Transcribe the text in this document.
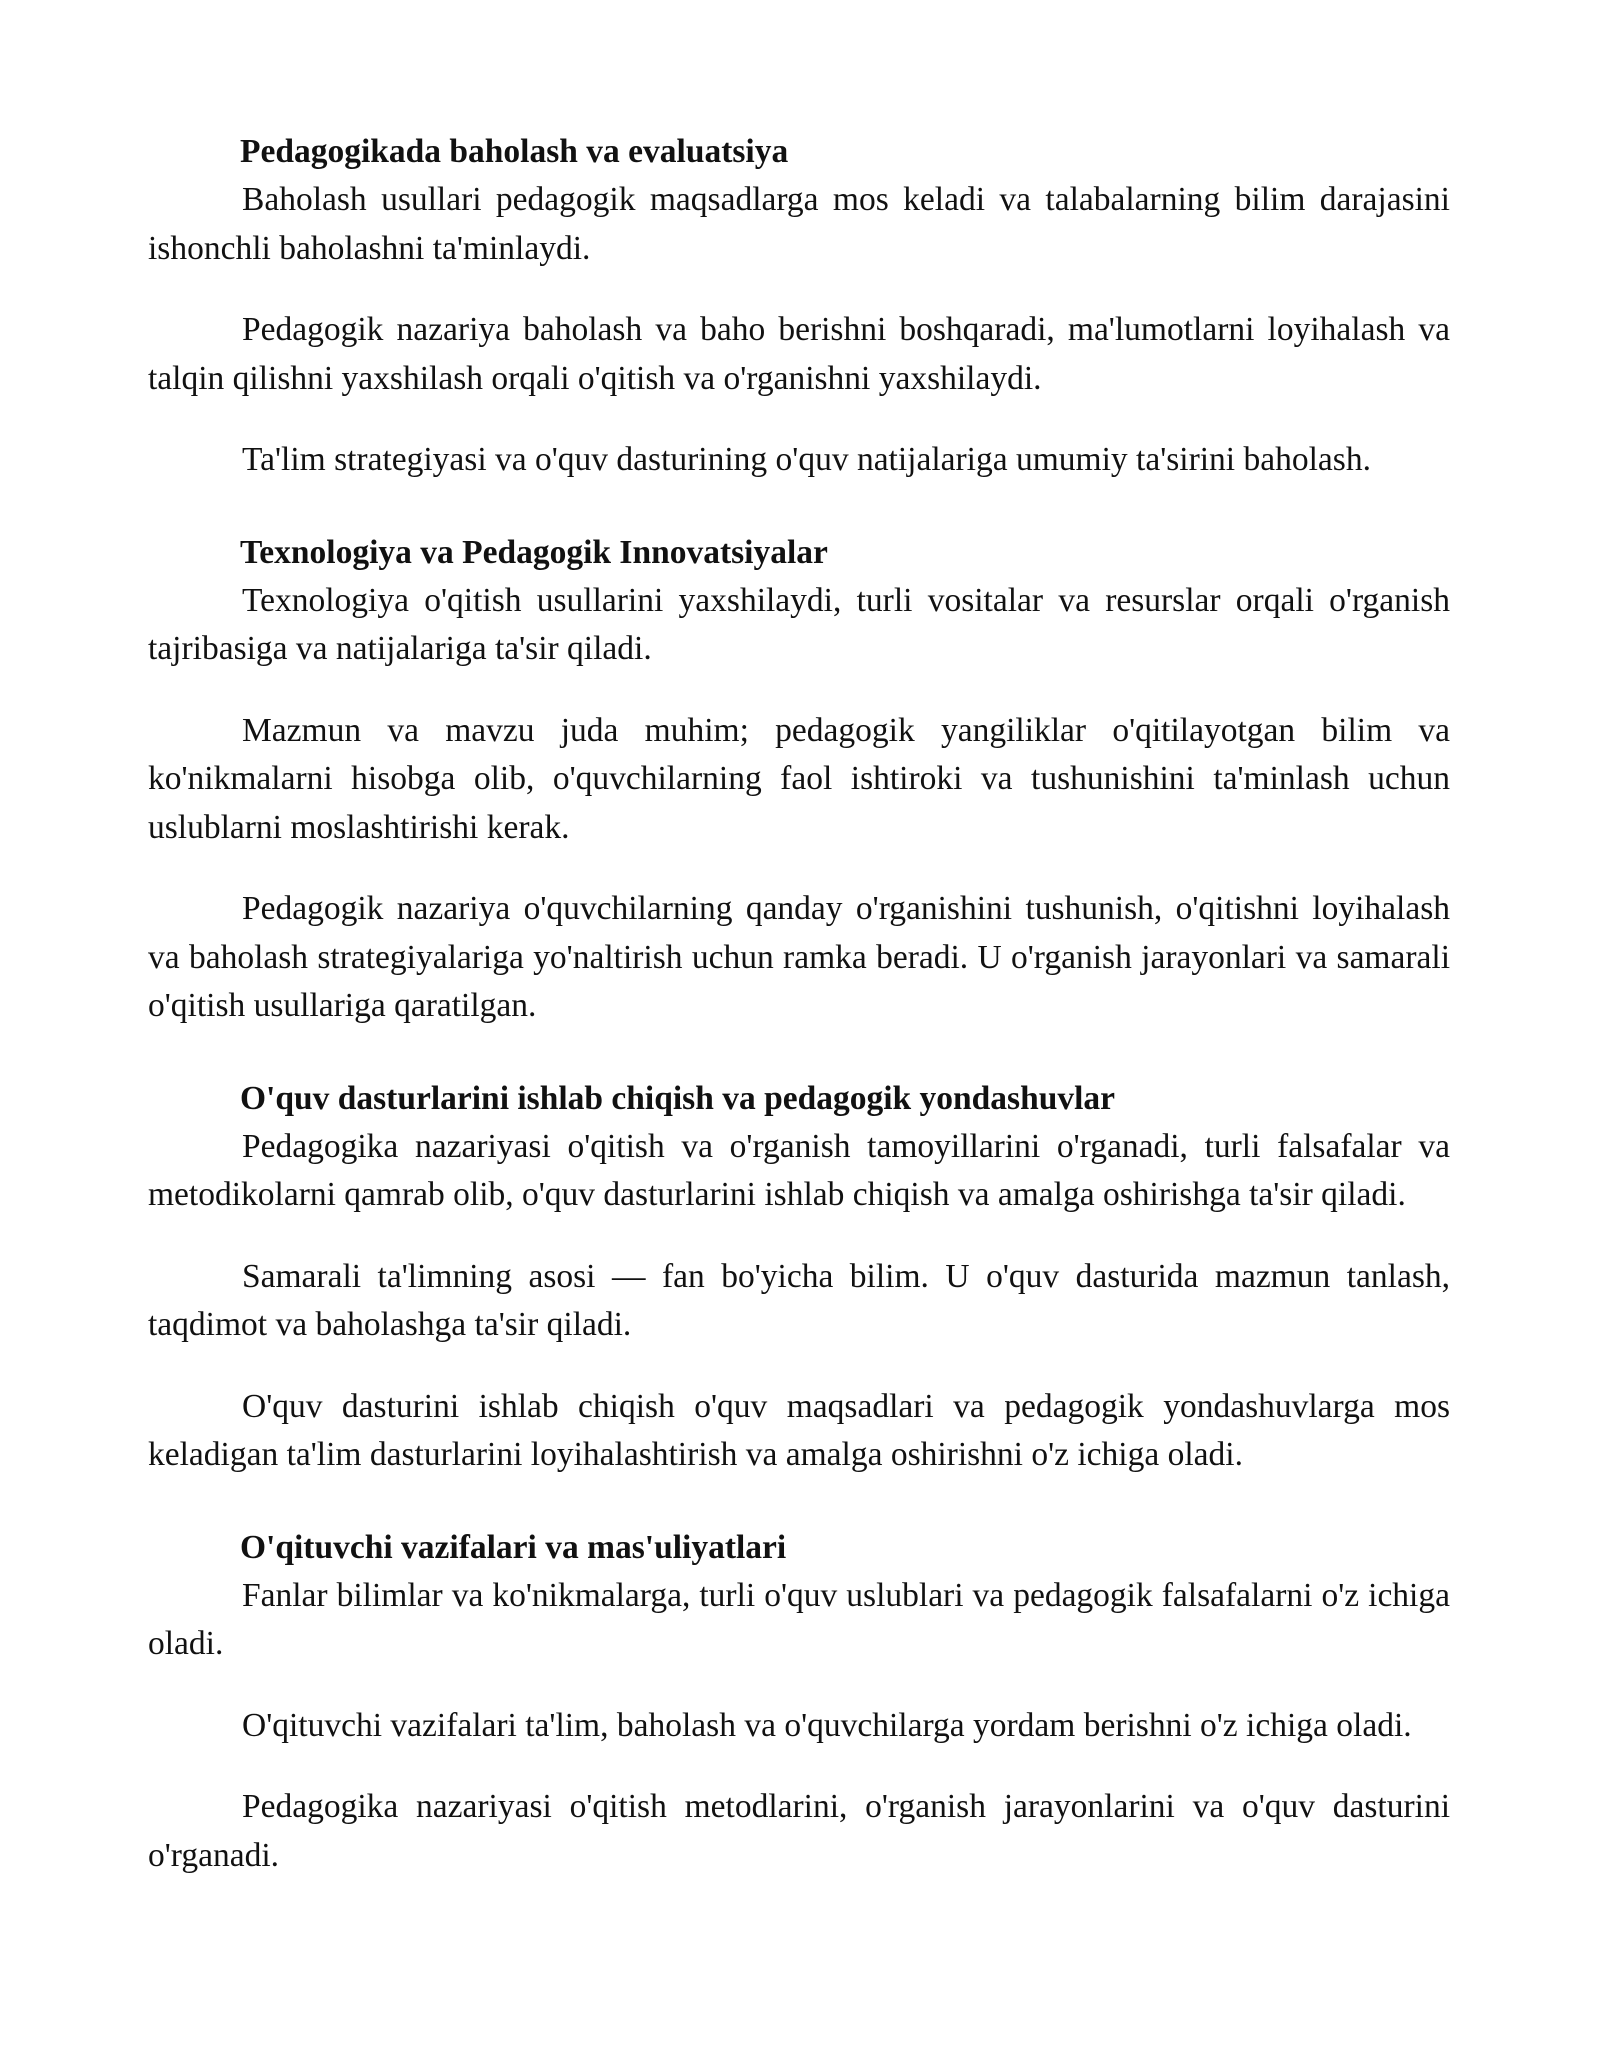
Pedagogikada baholash va evaluatsiya

Baholash usullari pedagogik maqsadlarga mos keladi va talabalarning bilim darajasini ishonchli baholashni ta'minlaydi.

Pedagogik nazariya baholash va baho berishni boshqaradi, ma'lumotlarni loyihalash va talqin qilishni yaxshilash orqali o'qitish va o'rganishni yaxshilaydi.

Ta'lim strategiyasi va o'quv dasturining o'quv natijalariga umumiy ta'sirini baholash.

Texnologiya va Pedagogik Innovatsiyalar

Texnologiya o'qitish usullarini yaxshilaydi, turli vositalar va resurslar orqali o'rganish tajribasiga va natijalariga ta'sir qiladi.

Mazmun va mavzu juda muhim; pedagogik yangiliklar o'qitilayotgan bilim va ko'nikmalarni hisobga olib, o'quvchilarning faol ishtiroki va tushunishini ta'minlash uchun uslublarni moslashtirishi kerak.

Pedagogik nazariya o'quvchilarning qanday o'rganishini tushunish, o'qitishni loyihalash va baholash strategiyalariga yo'naltirish uchun ramka beradi. U o'rganish jarayonlari va samarali o'qitish usullariga qaratilgan.

O'quv dasturlarini ishlab chiqish va pedagogik yondashuvlar

Pedagogika nazariyasi o'qitish va o'rganish tamoyillarini o'rganadi, turli falsafalar va metodikolarni qamrab olib, o'quv dasturlarini ishlab chiqish va amalga oshirishga ta'sir qiladi.

Samarali ta'limning asosi — fan bo'yicha bilim. U o'quv dasturida mazmun tanlash, taqdimot va baholashga ta'sir qiladi.

O'quv dasturini ishlab chiqish o'quv maqsadlari va pedagogik yondashuvlarga mos keladigan ta'lim dasturlarini loyihalashtirish va amalga oshirishni o'z ichiga oladi.

O'qituvchi vazifalari va mas'uliyatlari

Fanlar bilimlar va ko'nikmalarga, turli o'quv uslublari va pedagogik falsafalarni o'z ichiga oladi.

O'qituvchi vazifalari ta'lim, baholash va o'quvchilarga yordam berishni o'z ichiga oladi.

Pedagogika nazariyasi o'qitish metodlarini, o'rganish jarayonlarini va o'quv dasturini o'rganadi.
